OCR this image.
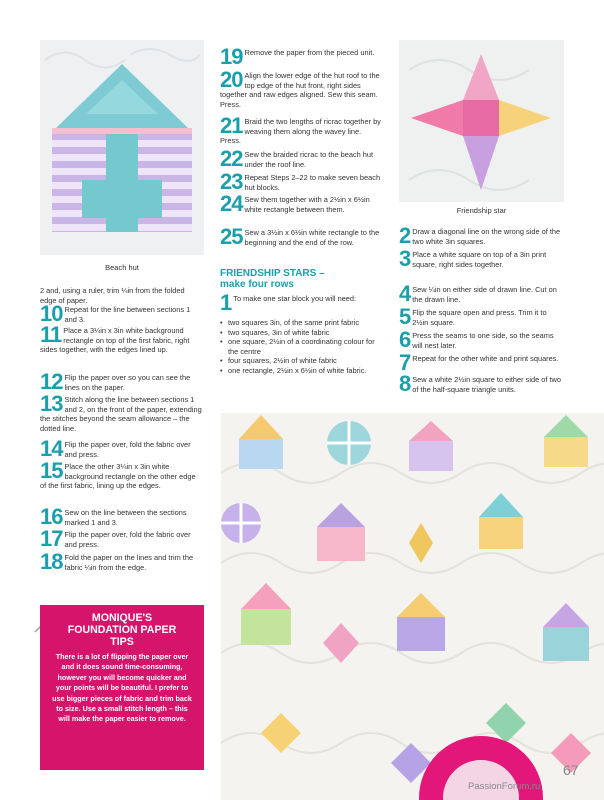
Beach hut
Friendship star

2 and, using a ruler, trim ¼in from the folded edge of paper.

10 Repeat for the line between sections 1 and 3.

11 Place a 3¼in x 3in white background rectangle on top of the first fabric, right sides together, with the edges lined up.

12 Flip the paper over so you can see the lines on the paper.

13 Stitch along the line between sections 1 and 2, on the front of the paper, extending the stitches beyond the seam allowance – the dotted line.

14 Flip the paper over, fold the fabric over and press.

15 Place the other 3¼in x 3in white background rectangle on the other edge of the first fabric, lining up the edges.

16 Sew on the line between the sections marked 1 and 3.

17 Flip the paper over, fold the fabric over and press.

18 Fold the paper on the lines and trim the fabric ¼in from the edge.

19 Remove the paper from the pieced unit.

20 Align the lower edge of the hut roof to the top edge of the hut front, right sides together and raw edges aligned. Sew this seam. Press.

21 Braid the two lengths of ricrac together by weaving them along the wavey line. Press.

22 Sew the braided ricrac to the beach hut under the roof line.

23 Repeat Steps 2–22 to make seven beach hut blocks.

24 Sew them together with a 2½in x 6½in white rectangle between them.

25 Sew a 3½in x 6½in white rectangle to the beginning and the end of the row.

FRIENDSHIP STARS –
make four rows
1 To make one star block you will need:

• two squares 3in, of the same print fabric
• two squares, 3in of white fabric
• one square, 2½in of a coordinating colour for the centre
• four squares, 2½in of white fabric
• one rectangle, 2½in x 6½in of white fabric.
2 Draw a diagonal line on the wrong side of the two white 3in squares.

3 Place a white square on top of a 3in print square, right sides together.

4 Sew ¼in on either side of drawn line. Cut on the drawn line.

5 Flip the square open and press. Trim it to 2½in square.

6 Press the seams to one side, so the seams will nest later.

7 Repeat for the other white and print squares.

8 Sew a white 2½in square to either side of two of the half-square triangle units.

MONIQUE'S
FOUNDATION PAPER
TIPS
There is a lot of flipping the paper over and it does sound time-consuming, however you will become quicker and your points will be beautiful. I prefer to use bigger pieces of fabric and trim back to size. Use a small stitch length – this will make the paper easier to remove.
67
PassionForum.ru
